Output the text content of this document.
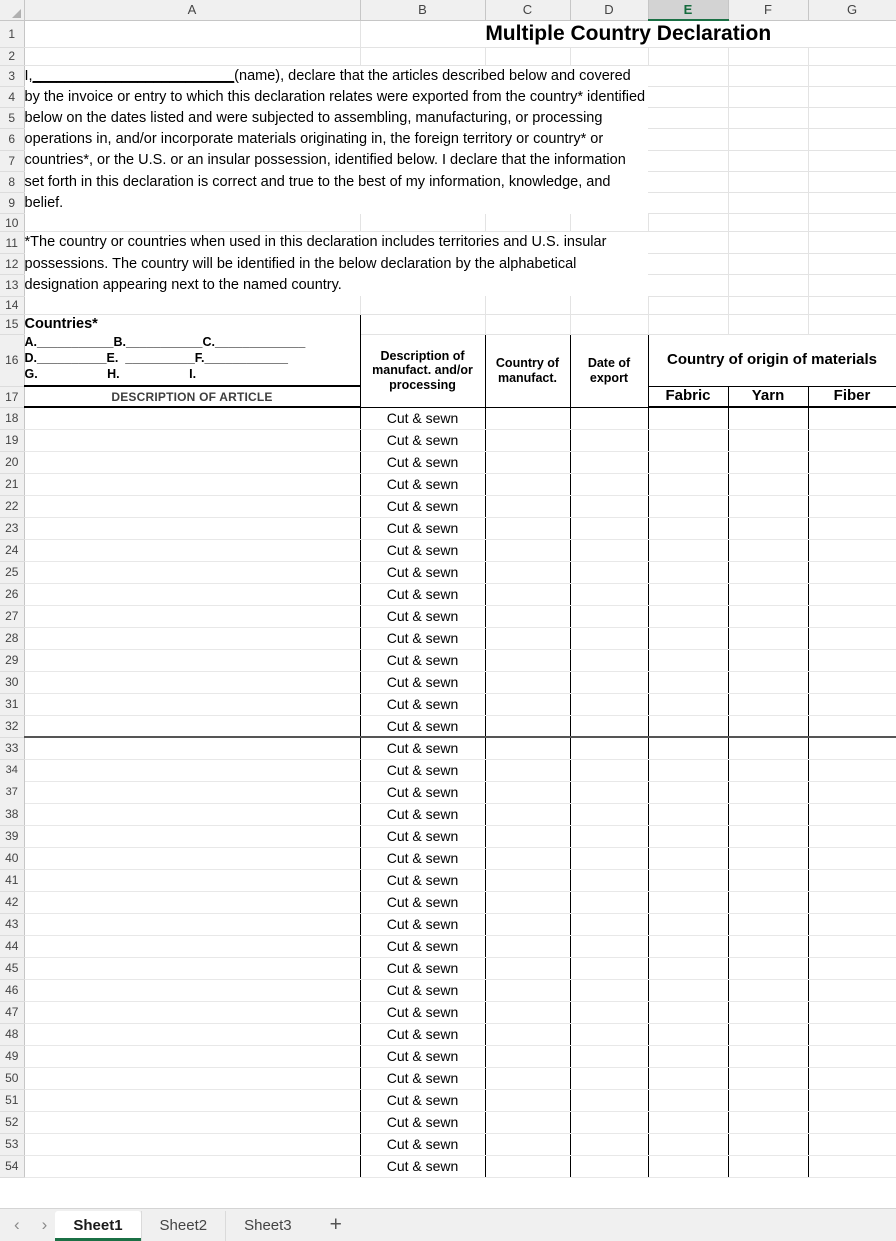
	A	B	C	D	E	F	G
1		Multiple Country Declaration					
2							
3	I,_________________________(name), declare that the articles described below and covered by the invoice or entry to which this declaration relates were exported from the country* identified below on the dates listed and were subjected to assembling, manufacturing, or processing operations in, and/or incorporate materials originating in, the foreign territory or country* or countries*, or the U.S. or an insular possession, identified below. I declare that the information set forth in this declaration is correct and true to the best of my information, knowledge, and belief.						
4							
5							
6							
7							
8							
9							
10							
11	*The country or countries when used in this declaration includes territories and U.S. insular possessions. The country will be identified in the below declaration by the alphabetical designation appearing next to the named country.						
12							
13							
14							
15	Countries*						
16	A.___________B.___________C._____________
D.__________E.  __________F.____________
G.                    H.                    I.	Description of manufact. and/or processing	Country of manufact.	Date of export	Country of origin of materials		
17	DESCRIPTION OF ARTICLE				Fabric	Yarn	Fiber
18		Cut & sewn					
19		Cut & sewn					
20		Cut & sewn					
21		Cut & sewn					
22		Cut & sewn					
23		Cut & sewn					
24		Cut & sewn					
25		Cut & sewn					
26		Cut & sewn					
27		Cut & sewn					
28		Cut & sewn					
29		Cut & sewn					
30		Cut & sewn					
31		Cut & sewn					
32		Cut & sewn					
33		Cut & sewn					
34		Cut & sewn					
37		Cut & sewn					
38		Cut & sewn					
39		Cut & sewn					
40		Cut & sewn					
41		Cut & sewn					
42		Cut & sewn					
43		Cut & sewn					
44		Cut & sewn					
45		Cut & sewn					
46		Cut & sewn					
47		Cut & sewn					
48		Cut & sewn					
49		Cut & sewn					
50		Cut & sewn					
51		Cut & sewn					
52		Cut & sewn					
53		Cut & sewn					
54		Cut & sewn					
‹ ›	Sheet1	Sheet2	Sheet3	+
